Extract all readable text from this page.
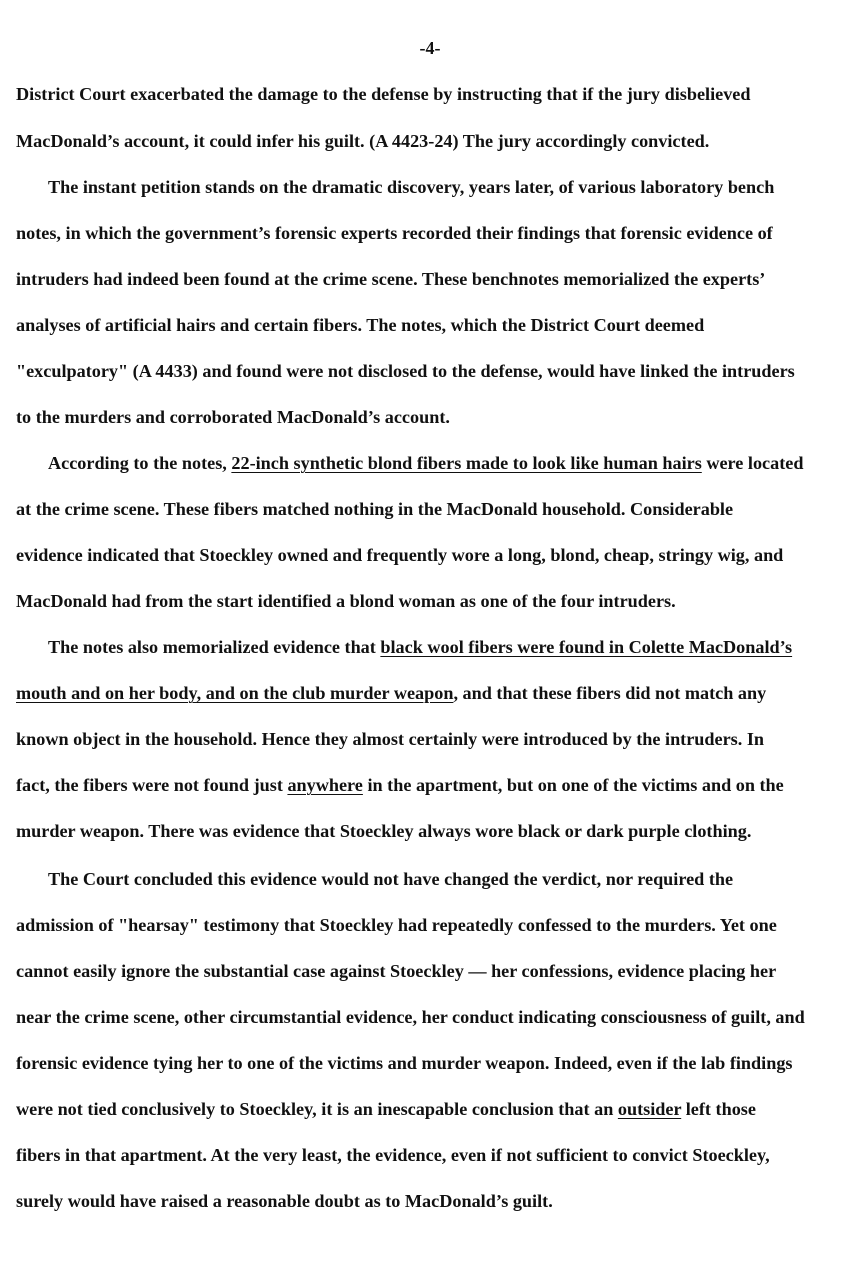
-4-
District Court exacerbated the damage to the defense by instructing that if the jury disbelieved
MacDonald’s account, it could infer his guilt. (A 4423-24) The jury accordingly convicted.
The instant petition stands on the dramatic discovery, years later, of various laboratory bench
notes, in which the government’s forensic experts recorded their findings that forensic evidence of
intruders had indeed been found at the crime scene. These benchnotes memorialized the experts’
analyses of artificial hairs and certain fibers. The notes, which the District Court deemed
"exculpatory" (A 4433) and found were not disclosed to the defense, would have linked the intruders
to the murders and corroborated MacDonald’s account.
According to the notes, 22-inch synthetic blond fibers made to look like human hairs were located
at the crime scene. These fibers matched nothing in the MacDonald household. Considerable
evidence indicated that Stoeckley owned and frequently wore a long, blond, cheap, stringy wig, and
MacDonald had from the start identified a blond woman as one of the four intruders.
The notes also memorialized evidence that black wool fibers were found in Colette MacDonald’s
mouth and on her body, and on the club murder weapon, and that these fibers did not match any
known object in the household. Hence they almost certainly were introduced by the intruders. In
fact, the fibers were not found just anywhere in the apartment, but on one of the victims and on the
murder weapon. There was evidence that Stoeckley always wore black or dark purple clothing.
The Court concluded this evidence would not have changed the verdict, nor required the
admission of "hearsay" testimony that Stoeckley had repeatedly confessed to the murders. Yet one
cannot easily ignore the substantial case against Stoeckley — her confessions, evidence placing her
near the crime scene, other circumstantial evidence, her conduct indicating consciousness of guilt, and
forensic evidence tying her to one of the victims and murder weapon. Indeed, even if the lab findings
were not tied conclusively to Stoeckley, it is an inescapable conclusion that an outsider left those
fibers in that apartment. At the very least, the evidence, even if not sufficient to convict Stoeckley,
surely would have raised a reasonable doubt as to MacDonald’s guilt.
